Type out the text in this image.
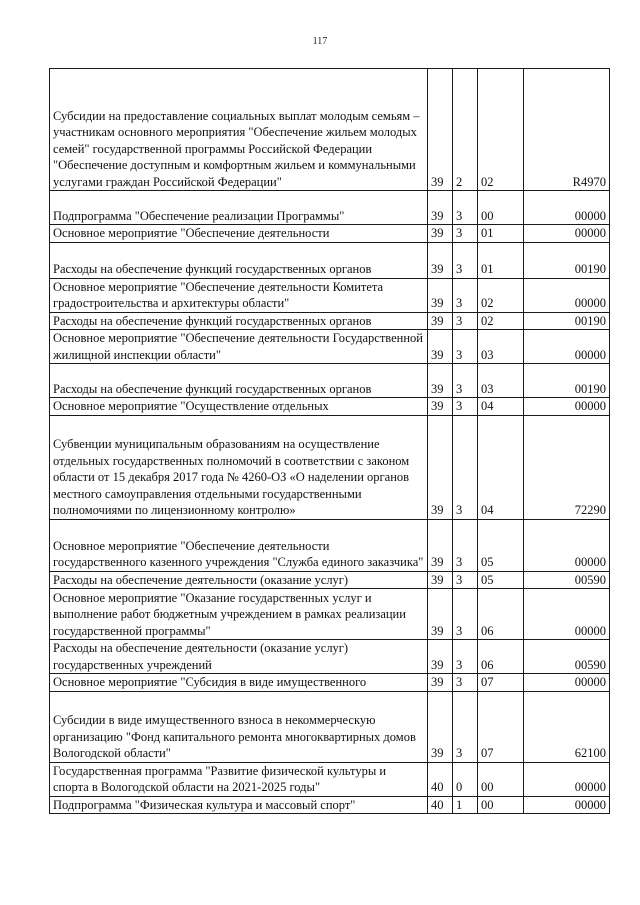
117
Субсидии на предоставление социальных выплат молодым семьям – участникам основного мероприятия "Обеспечение жильем молодых семей" государственной программы Российской Федерации "Обеспечение доступным и комфортным жильем и коммунальными услугами граждан Российской Федерации"	39	2	02	R4970
Подпрограмма "Обеспечение реализации Программы"	39	3	00	00000
Основное мероприятие "Обеспечение деятельности	39	3	01	00000
Расходы на обеспечение функций государственных органов	39	3	01	00190
Основное мероприятие "Обеспечение деятельности Комитета градостроительства и архитектуры области"	39	3	02	00000
Расходы на обеспечение функций государственных органов	39	3	02	00190
Основное мероприятие "Обеспечение деятельности Государственной жилищной инспекции области"	39	3	03	00000
Расходы на обеспечение функций государственных органов	39	3	03	00190
Основное мероприятие "Осуществление отдельных	39	3	04	00000
Субвенции муниципальным образованиям на осуществление отдельных государственных полномочий в соответствии с законом области от 15 декабря 2017 года № 4260-ОЗ «О наделении органов местного самоуправления отдельными государственными полномочиями по лицензионному контролю»	39	3	04	72290
Основное мероприятие "Обеспечение деятельности государственного казенного учреждения "Служба единого заказчика"	39	3	05	00000
Расходы на обеспечение деятельности (оказание услуг)	39	3	05	00590
Основное мероприятие "Оказание государственных услуг и выполнение работ бюджетным учреждением в рамках реализации государственной программы"	39	3	06	00000
Расходы на обеспечение деятельности (оказание услуг) государственных учреждений	39	3	06	00590
Основное мероприятие "Субсидия в виде имущественного	39	3	07	00000
Субсидии в виде имущественного взноса в некоммерческую организацию "Фонд капитального ремонта многоквартирных домов Вологодской области"	39	3	07	62100
Государственная программа "Развитие физической культуры и спорта в Вологодской области на 2021-2025 годы"	40	0	00	00000
Подпрограмма "Физическая культура и массовый спорт"	40	1	00	00000
